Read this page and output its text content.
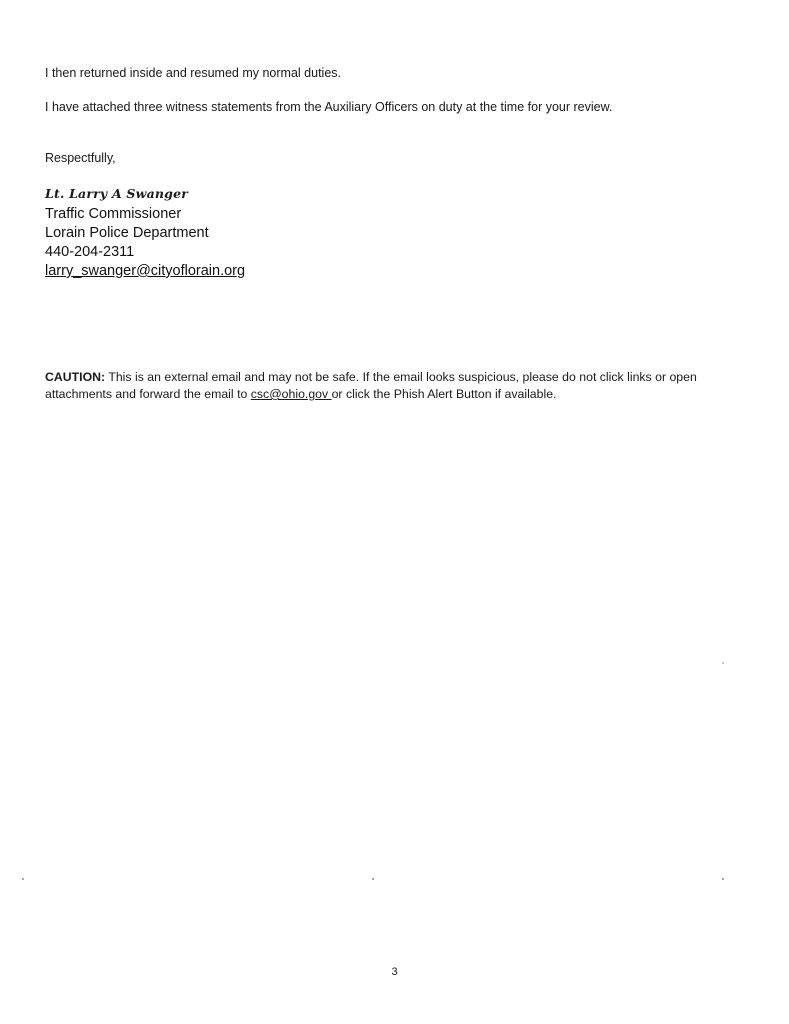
I then returned inside and resumed my normal duties.

I have attached three witness statements from the Auxiliary Officers on duty at the time for your review.

Respectfully,

Lt. Larry A Swanger
Traffic Commissioner
Lorain Police Department
440-204-2311
larry_swanger@cityoflorain.org

CAUTION: This is an external email and may not be safe. If the email looks suspicious, please do not click links or open attachments and forward the email to csc@ohio.gov or click the Phish Alert Button if available.

3
